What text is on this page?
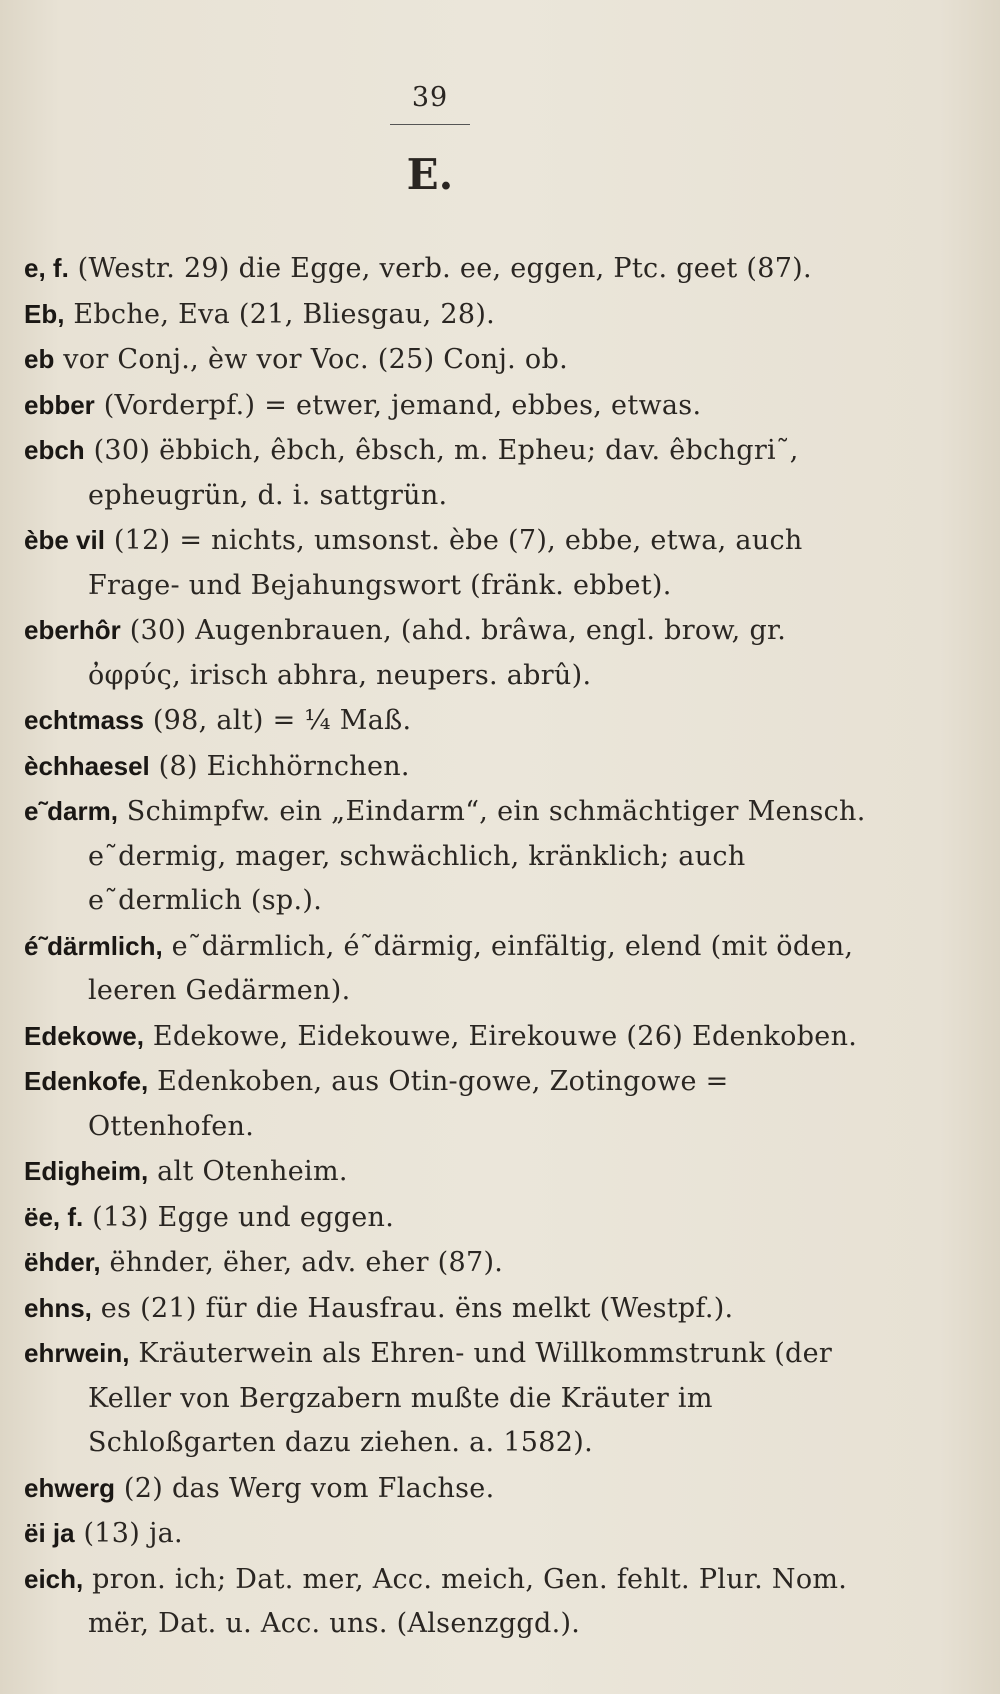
39
E.

e, f. (Westr. 29) die Egge, verb. ee, eggen, Ptc. geet (87).

Eb, Ebche, Eva (21, Bliesgau, 28).

eb vor Conj., èw vor Voc. (25) Conj. ob.

ebber (Vorderpf.) = etwer, jemand, ebbes, etwas.

ebch (30) ëbbich, êbch, êbsch, m. Epheu; dav. êbchgri˜, epheugrün, d. i. sattgrün.

èbe vil (12) = nichts, umsonst. èbe (7), ebbe, etwa, auch Frage- und Bejahungswort (fränk. ebbet).

eberhôr (30) Augenbrauen, (ahd. brâwa, engl. brow, gr. ὀφρύς, irisch abhra, neupers. abrû).

echtmass (98, alt) = ¼ Maß.

èchhaesel (8) Eichhörnchen.

e˜darm, Schimpfw. ein „Eindarm“, ein schmächtiger Mensch. e˜dermig, mager, schwächlich, kränklich; auch e˜dermlich (sp.).

é˜därmlich, e˜därmlich, é˜därmig, einfältig, elend (mit öden, leeren Gedärmen).

Edekowe, Edekowe, Eidekouwe, Eirekouwe (26) Edenkoben.

Edenkofe, Edenkoben, aus Otin-gowe, Zotingowe = Ottenhofen.

Edigheim, alt Otenheim.

ëe, f. (13) Egge und eggen.

ëhder, ëhnder, ëher, adv. eher (87).

ehns, es (21) für die Hausfrau. ëns melkt (Westpf.).

ehrwein, Kräuterwein als Ehren- und Willkommstrunk (der Keller von Bergzabern mußte die Kräuter im Schloßgarten dazu ziehen. a. 1582).

ehwerg (2) das Werg vom Flachse.

ëi ja (13) ja.

eich, pron. ich; Dat. mer, Acc. meich, Gen. fehlt. Plur. Nom. mër, Dat. u. Acc. uns. (Alsenzggd.).
